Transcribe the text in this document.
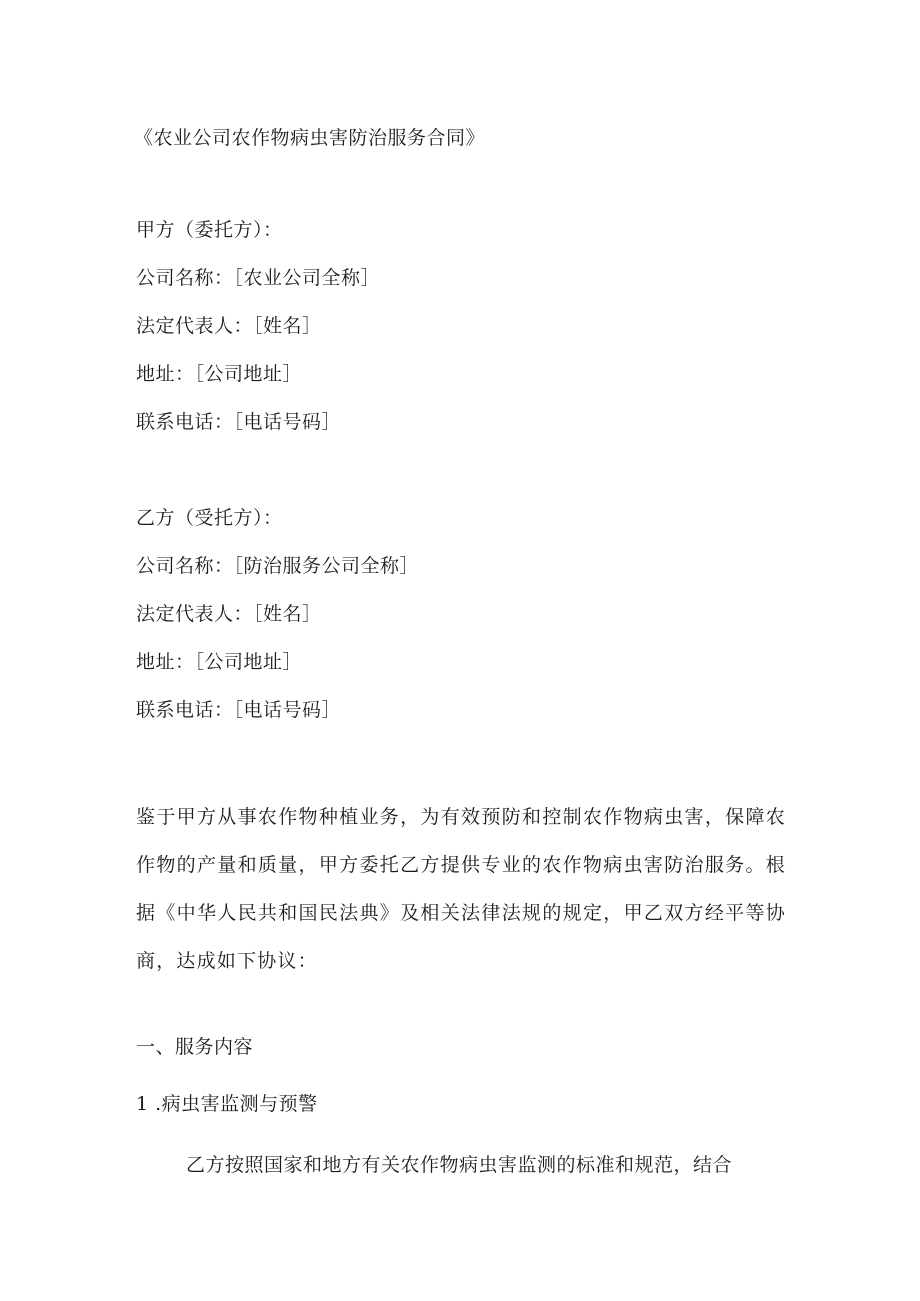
《农业公司农作物病虫害防治服务合同》
甲方（委托方）：
公司名称：［农业公司全称］
法定代表人：［姓名］
地址：［公司地址］
联系电话：［电话号码］
乙方（受托方）：
公司名称：［防治服务公司全称］
法定代表人：［姓名］
地址：［公司地址］
联系电话：［电话号码］
鉴于甲方从事农作物种植业务，为有效预防和控制农作物病虫害，保障农作物的产量和质量，甲方委托乙方提供专业的农作物病虫害防治服务。根据《中华人民共和国民法典》及相关法律法规的规定，甲乙双方经平等协商，达成如下协议：
一、服务内容
1 .病虫害监测与预警
乙方按照国家和地方有关农作物病虫害监测的标准和规范，结合
